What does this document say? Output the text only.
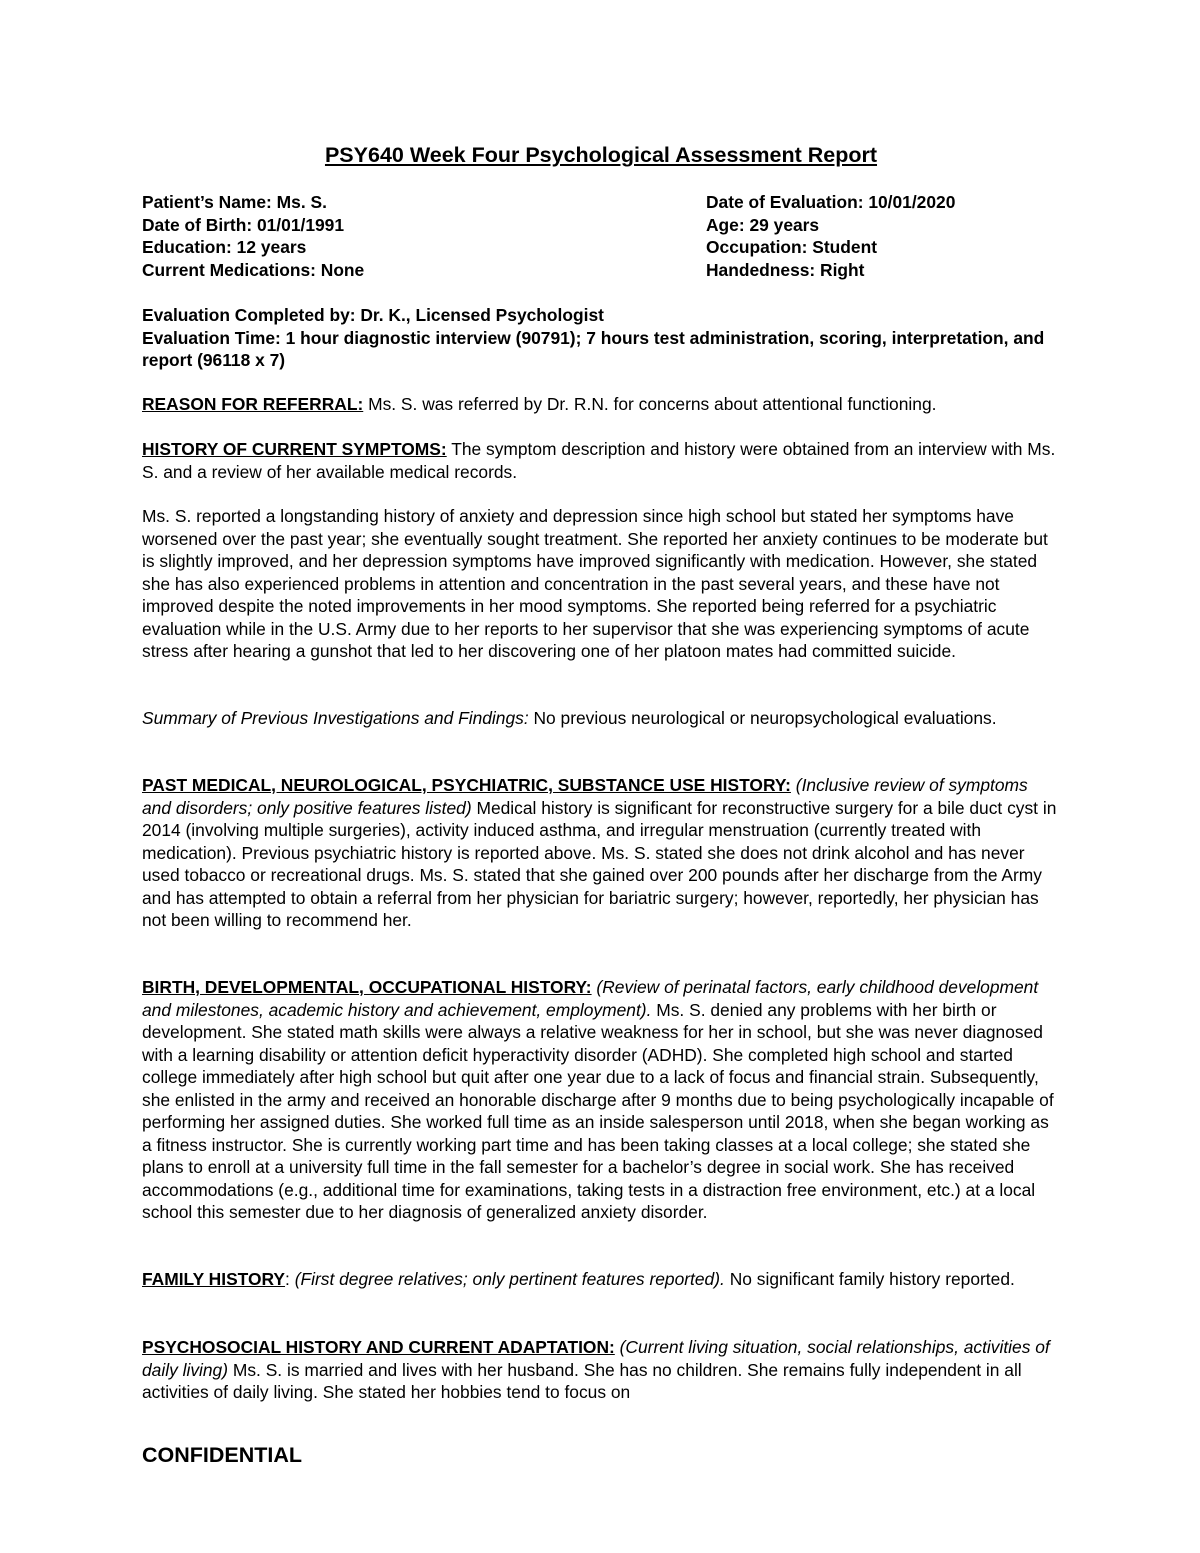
PSY640 Week Four Psychological Assessment Report
Patient’s Name: Ms. S.	Date of Evaluation: 10/01/2020
Date of Birth: 01/01/1991	Age: 29 years
Education: 12 years	Occupation: Student
Current Medications: None	Handedness: Right
Evaluation Completed by: Dr. K., Licensed Psychologist
Evaluation Time: 1 hour diagnostic interview (90791); 7 hours test administration, scoring, interpretation, and report (96118 x 7)

REASON FOR REFERRAL: Ms. S. was referred by Dr. R.N. for concerns about attentional functioning.

HISTORY OF CURRENT SYMPTOMS: The symptom description and history were obtained from an interview with Ms. S. and a review of her available medical records.

Ms. S. reported a longstanding history of anxiety and depression since high school but stated her symptoms have worsened over the past year; she eventually sought treatment. She reported her anxiety continues to be moderate but is slightly improved, and her depression symptoms have improved significantly with medication. However, she stated she has also experienced problems in attention and concentration in the past several years, and these have not improved despite the noted improvements in her mood symptoms. She reported being referred for a psychiatric evaluation while in the U.S. Army due to her reports to her supervisor that she was experiencing symptoms of acute stress after hearing a gunshot that led to her discovering one of her platoon mates had committed suicide.

Summary of Previous Investigations and Findings: No previous neurological or neuropsychological evaluations.

PAST MEDICAL, NEUROLOGICAL, PSYCHIATRIC, SUBSTANCE USE HISTORY: (Inclusive review of symptoms and disorders; only positive features listed) Medical history is significant for reconstructive surgery for a bile duct cyst in 2014 (involving multiple surgeries), activity induced asthma, and irregular menstruation (currently treated with medication). Previous psychiatric history is reported above. Ms. S. stated she does not drink alcohol and has never used tobacco or recreational drugs. Ms. S. stated that she gained over 200 pounds after her discharge from the Army and has attempted to obtain a referral from her physician for bariatric surgery; however, reportedly, her physician has not been willing to recommend her.

BIRTH, DEVELOPMENTAL, OCCUPATIONAL HISTORY: (Review of perinatal factors, early childhood development and milestones, academic history and achievement, employment). Ms. S. denied any problems with her birth or development. She stated math skills were always a relative weakness for her in school, but she was never diagnosed with a learning disability or attention deficit hyperactivity disorder (ADHD). She completed high school and started college immediately after high school but quit after one year due to a lack of focus and financial strain. Subsequently, she enlisted in the army and received an honorable discharge after 9 months due to being psychologically incapable of performing her assigned duties. She worked full time as an inside salesperson until 2018, when she began working as a fitness instructor. She is currently working part time and has been taking classes at a local college; she stated she plans to enroll at a university full time in the fall semester for a bachelor’s degree in social work. She has received accommodations (e.g., additional time for examinations, taking tests in a distraction free environment, etc.) at a local school this semester due to her diagnosis of generalized anxiety disorder.

FAMILY HISTORY: (First degree relatives; only pertinent features reported). No significant family history reported.

PSYCHOSOCIAL HISTORY AND CURRENT ADAPTATION: (Current living situation, social relationships, activities of daily living) Ms. S. is married and lives with her husband. She has no children. She remains fully independent in all activities of daily living. She stated her hobbies tend to focus on

CONFIDENTIAL
